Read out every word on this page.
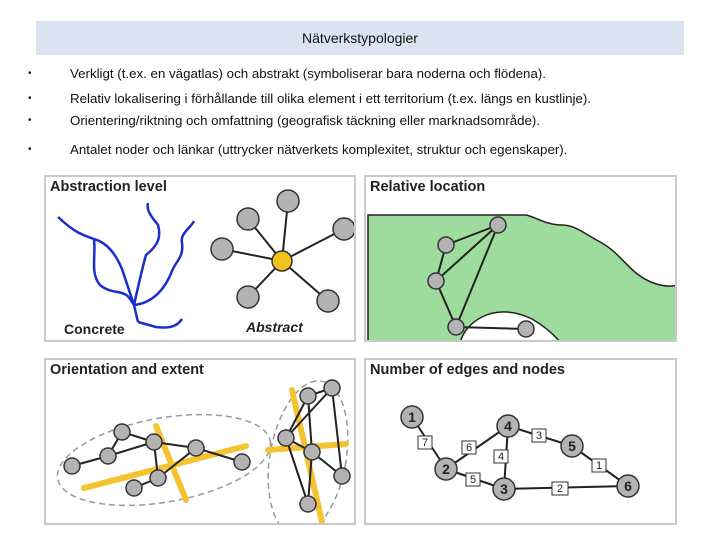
Nätverkstypologier
•	Verkligt (t.ex. en vägatlas) och abstrakt (symboliserar bara noderna och flödena).
•	Relativ lokalisering i förhållande till olika element i ett territorium (t.ex. längs en kustlinje).
•	Orientering/riktning och omfattning (geografisk täckning eller marknadsområde).
•	Antalet noder och länkar (uttrycker nätverkets komplexitet, struktur och egenskaper).
Abstraction level
Concrete	Abstract
Relative location
Orientation and extent	Number of edges and nodes
1
2
3
4
5
6
7	6
4
3
5
2
1
